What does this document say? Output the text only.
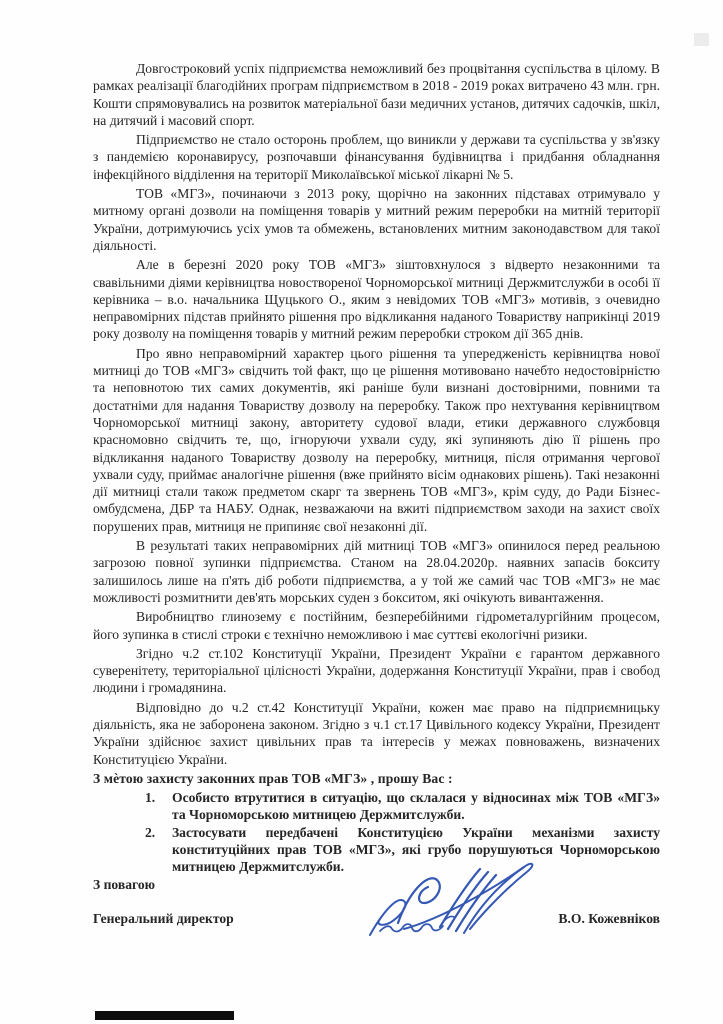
Довгостроковий успіх підприємства неможливий без процвітання суспільства в цілому. В рамках реалізації благодійних програм підприємством в 2018 - 2019 роках витрачено 43 млн. грн. Кошти спрямовувались на розвиток матеріальної бази медичних установ, дитячих садочків, шкіл, на дитячий і масовий спорт.

Підприємство не стало осторонь проблем, що виникли у держави та суспільства у зв'язку з пандемією коронавирусу, розпочавши фінансування будівництва і придбання обладнання інфекційного відділення на території Миколаївської міської лікарні № 5.

ТОВ «МГЗ», починаючи з 2013 року, щорічно на законних підставах отримувало у митному органі дозволи на поміщення товарів у митний режим переробки на митній території України, дотримуючись усіх умов та обмежень, встановлених митним законодавством для такої діяльності.

Але в березні 2020 року ТОВ «МГЗ» зіштовхнулося з відверто незаконними та свавільними діями керівництва новоствореної Чорноморської митниці Держмитслужби в особі її керівника – в.о. начальника Щуцького О., яким з невідомих ТОВ «МГЗ» мотивів, з очевидно неправомірних підстав прийнято рішення про відкликання наданого Товариству наприкінці 2019 року дозволу на поміщення товарів у митний режим переробки строком дії 365 днів.

Про явно неправомірний характер цього рішення та упередженість керівництва нової митниці до ТОВ «МГЗ» свідчить той факт, що це рішення мотивовано начебто недостовірністю та неповнотою тих самих документів, які раніше були визнані достовірними, повними та достатніми для надання Товариству дозволу на переробку. Також про нехтування керівництвом Чорноморської митниці закону, авторитету судової влади, етики державного службовця красномовно свідчить те, що, ігноруючи ухвали суду, які зупиняють дію її рішень про відкликання наданого Товариству дозволу на переробку, митниця, після отримання чергової ухвали суду, приймає аналогічне рішення (вже прийнято вісім однакових рішень). Такі незаконні дії митниці стали також предметом скарг та звернень ТОВ «МГЗ», крім суду, до Ради Бізнес-омбудсмена, ДБР та НАБУ. Однак, незважаючи на вжиті підприємством заходи на захист своїх порушених прав, митниця не припиняє свої незаконні дії.

В результаті таких неправомірних дій митниці ТОВ «МГЗ» опинилося перед реальною загрозою повної зупинки підприємства. Станом на 28.04.2020р. наявних запасів бокситу залишилось лише на п'ять діб роботи підприємства, а у той же самий час ТОВ «МГЗ» не має можливості розмитнити дев'ять морських суден з бокситом, які очікують вивантаження.

Виробництво глинозему є постійним, безперебійними гідрометалургійним процесом, його зупинка в стислі строки є технічно неможливою і має суттєві екологічні ризики.

Згідно ч.2 ст.102 Конституції України, Президент України є гарантом державного суверенітету, територіальної цілісності України, додержання Конституції України, прав і свобод людини і громадянина.

Відповідно до ч.2 ст.42 Конституції України, кожен має право на підприємницьку діяльність, яка не заборонена законом. Згідно з ч.1 ст.17 Цивільного кодексу України, Президент України здійснює захист цивільних прав та інтересів у межах повноважень, визначених Конституцією України.

З мѐтою захисту законних прав ТОВ «МГЗ» , прошу Вас :

1.	Особисто втрутитися в ситуацію, що склалася у відносинах між ТОВ «МГЗ» та Чорноморською митницею Держмитслужби.
2.	Застосувати передбачені Конституцією України механізми захисту конституційних прав ТОВ «МГЗ», які грубо порушуються Чорноморською митницею Держмитслужби.

З повагою

Генеральний директор	В.О. Кожевніков
